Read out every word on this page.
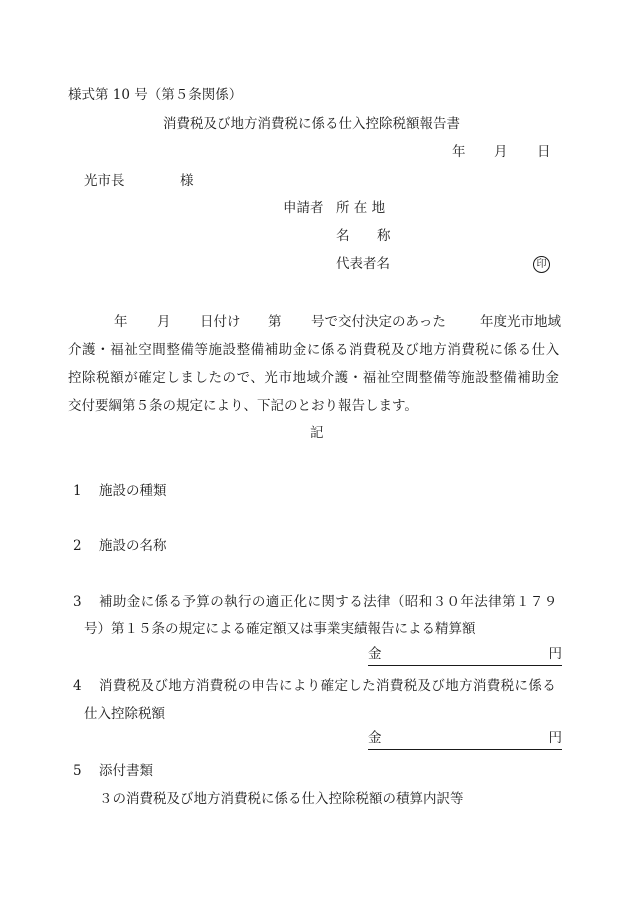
様式第 10 号（第５条関係）
消費税及び地方消費税に係る仕入控除税額報告書
年 月 日
光市長	様
申請者 所 在 地
名 称
代表者名	印
年 月 日付け 第 号で交付決定のあった	年度光市地域
介護・福祉空間整備等施設整備補助金に係る消費税及び地方消費税に係る仕入
控除税額が確定しましたので、光市地域介護・福祉空間整備等施設整備補助金
交付要綱第５条の規定により、下記のとおり報告します。
記
1 施設の種類
2 施設の名称
3 補助金に係る予算の執行の適正化に関する法律（昭和３０年法律第１７９
号）第１５条の規定による確定額又は事業実績報告による精算額
金	円
4 消費税及び地方消費税の申告により確定した消費税及び地方消費税に係る
仕入控除税額
金	円
5 添付書類
３の消費税及び地方消費税に係る仕入控除税額の積算内訳等
